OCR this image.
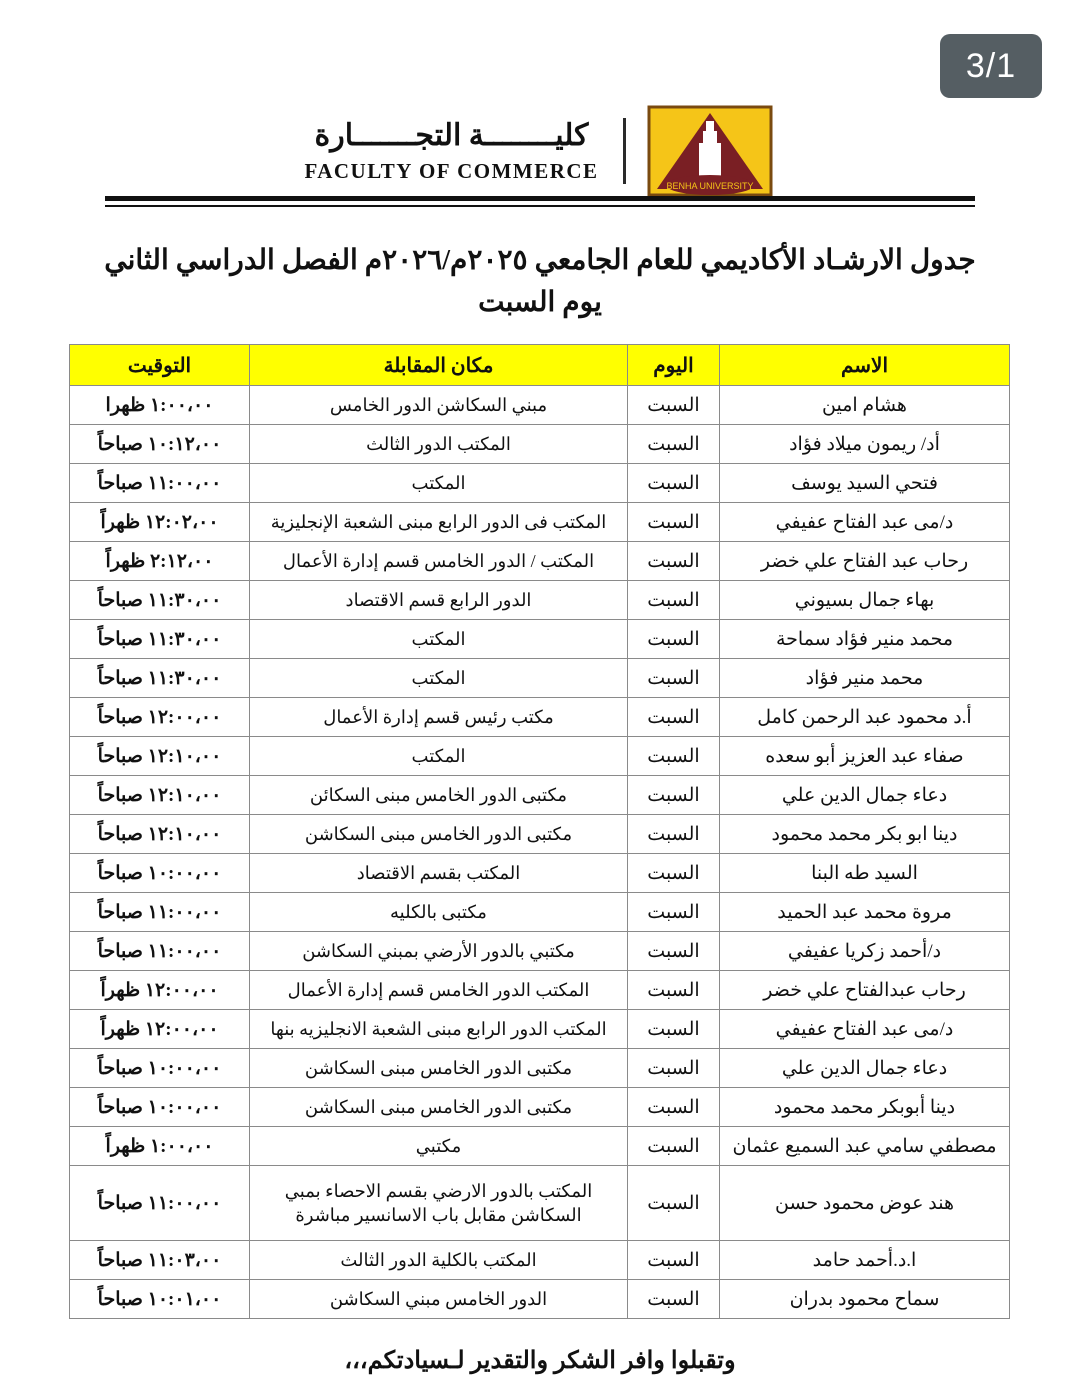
3/1
BENHA UNIVERSITY
كليــــــــة التجـــــــارة
FACULTY OF COMMERCE
جدول الارشـاد الأكاديمي للعام الجامعي ٢٠٢٥م/٢٠٢٦م الفصل الدراسي الثاني
يوم السبت
الاسم	اليوم	مكان المقابلة	التوقيت
هشام امين	السبت	مبني السكاشن الدور الخامس	١:٠٠،٠٠ ظهرا
أد/ ريمون ميلاد فؤاد	السبت	المكتب الدور الثالث	١٠:١٢،٠٠ صباحاً
فتحي السيد يوسف	السبت	المكتب	١١:٠٠،٠٠ صباحاً
د/مى عبد الفتاح عفيفي	السبت	المكتب فى الدور الرابع مبنى الشعبة الإنجليزية	١٢:٠٢،٠٠ ظهراً
رحاب عبد الفتاح علي خضر	السبت	المكتب / الدور الخامس قسم إدارة الأعمال	٢:١٢،٠٠ ظهراً
بهاء جمال بسيوني	السبت	الدور الرابع قسم الاقتصاد	١١:٣٠،٠٠ صباحاً
محمد منير فؤاد سماحة	السبت	المكتب	١١:٣٠،٠٠ صباحاً
محمد منير فؤاد	السبت	المكتب	١١:٣٠،٠٠ صباحاً
أ.د محمود عبد الرحمن كامل	السبت	مكتب رئيس قسم إدارة الأعمال	١٢:٠٠،٠٠ صباحاً
صفاء عبد العزيز أبو سعده	السبت	المكتب	١٢:١٠،٠٠ صباحاً
دعاء جمال الدين علي	السبت	مكتبى الدور الخامس مبنى السكائن	١٢:١٠،٠٠ صباحاً
دينا ابو بكر محمد محمود	السبت	مكتبى الدور الخامس مبنى السكاشن	١٢:١٠،٠٠ صباحاً
السيد طه البنا	السبت	المكتب بقسم الاقتصاد	١٠:٠٠،٠٠ صباحاً
مروة محمد عبد الحميد	السبت	مكتبى بالكليه	١١:٠٠،٠٠ صباحاً
د/أحمد زكريا عفيفي	السبت	مكتبي بالدور الأرضي بمبني السكاشن	١١:٠٠،٠٠ صباحاً
رحاب عبدالفتاح علي خضر	السبت	المكتب الدور الخامس قسم إدارة الأعمال	١٢:٠٠،٠٠ ظهراً
د/مى عبد الفتاح عفيفي	السبت	المكتب الدور الرابع مبنى الشعبة الانجليزيه بنها	١٢:٠٠،٠٠ ظهراً
دعاء جمال الدين علي	السبت	مكتبى الدور الخامس مبنى السكاشن	١٠:٠٠،٠٠ صباحاً
دينا أبوبكر محمد محمود	السبت	مكتبى الدور الخامس مبنى السكاشن	١٠:٠٠،٠٠ صباحاً
مصطفي سامي عبد السميع عثمان	السبت	مكتبي	١:٠٠،٠٠ ظهراً
هند عوض محمود حسن	السبت	المكتب بالدور الارضي بقسم الاحصاء بمبي السكاشن مقابل باب الاسانسير مباشرة	١١:٠٠،٠٠ صباحاً
ا.د.أحمد حامد	السبت	المكتب بالكلية الدور الثالث	١١:٠٣،٠٠ صباحاً
سماح محمود بدران	السبت	الدور الخامس مبني السكاشن	١٠:٠١،٠٠ صباحاً
وتقبلوا وافر الشكر والتقدير لـسيادتكم،،،
